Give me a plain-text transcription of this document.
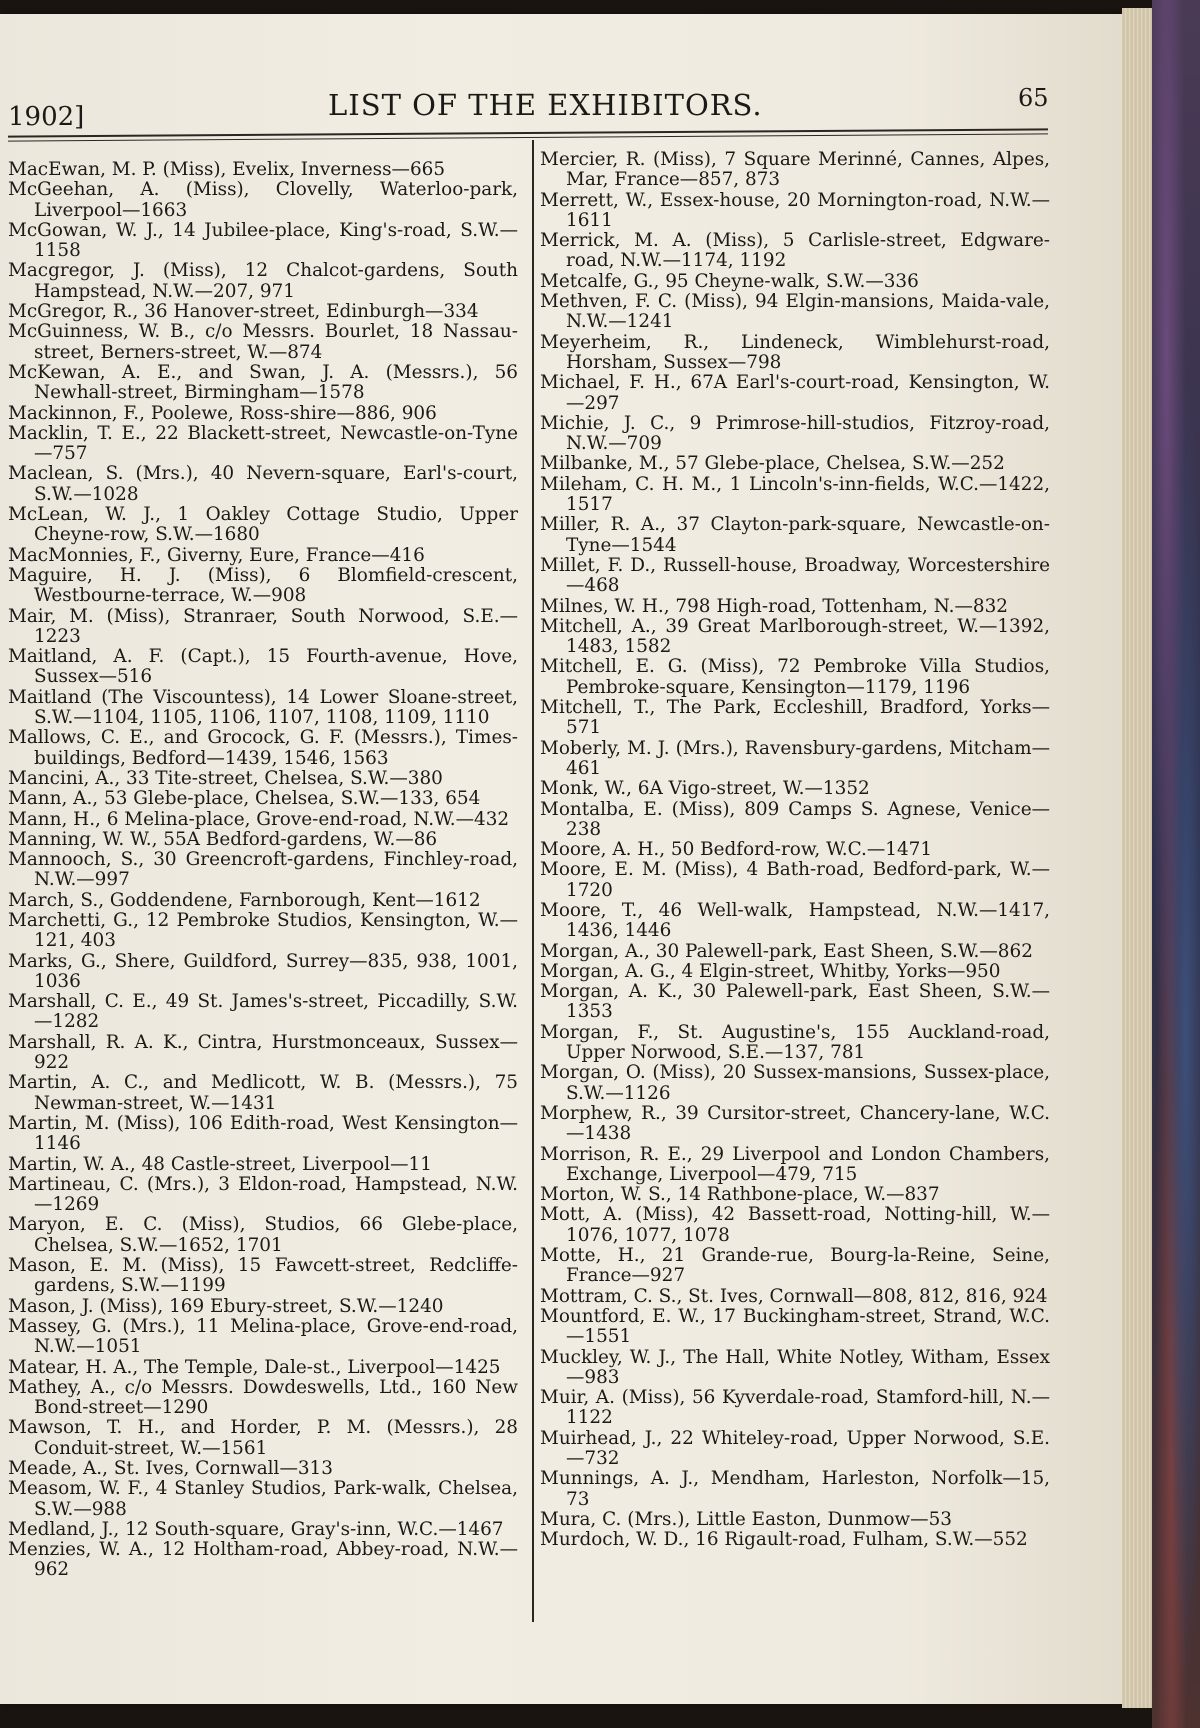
1902]	LIST OF THE EXHIBITORS.	65
MacEwan, M. P. (Miss), Evelix, Inverness—665
McGeehan, A. (Miss), Clovelly, Waterloo-park, Liverpool—1663
McGowan, W. J., 14 Jubilee-place, King's-road, S.W.—1158
Macgregor, J. (Miss), 12 Chalcot-gardens, South Hampstead, N.W.—207, 971
McGregor, R., 36 Hanover-street, Edinburgh—334
McGuinness, W. B., c/o Messrs. Bourlet, 18 Nassau-street, Berners-street, W.—874
McKewan, A. E., and Swan, J. A. (Messrs.), 56 Newhall-street, Birmingham—1578
Mackinnon, F., Poolewe, Ross-shire—886, 906
Macklin, T. E., 22 Blackett-street, Newcastle-on-Tyne—757
Maclean, S. (Mrs.), 40 Nevern-square, Earl's-court, S.W.—1028
McLean, W. J., 1 Oakley Cottage Studio, Upper Cheyne-row, S.W.—1680
MacMonnies, F., Giverny, Eure, France—416
Maguire, H. J. (Miss), 6 Blomfield-crescent, Westbourne-terrace, W.—908
Mair, M. (Miss), Stranraer, South Norwood, S.E.—1223
Maitland, A. F. (Capt.), 15 Fourth-avenue, Hove, Sussex—516
Maitland (The Viscountess), 14 Lower Sloane-street, S.W.—1104, 1105, 1106, 1107, 1108, 1109, 1110
Mallows, C. E., and Grocock, G. F. (Messrs.), Times-buildings, Bedford—1439, 1546, 1563
Mancini, A., 33 Tite-street, Chelsea, S.W.—380
Mann, A., 53 Glebe-place, Chelsea, S.W.—133, 654
Mann, H., 6 Melina-place, Grove-end-road, N.W.—432
Manning, W. W., 55A Bedford-gardens, W.—86
Mannooch, S., 30 Greencroft-gardens, Finchley-road, N.W.—997
March, S., Goddendene, Farnborough, Kent—1612
Marchetti, G., 12 Pembroke Studios, Kensington, W.—121, 403
Marks, G., Shere, Guildford, Surrey—835, 938, 1001, 1036
Marshall, C. E., 49 St. James's-street, Piccadilly, S.W.—1282
Marshall, R. A. K., Cintra, Hurstmonceaux, Sussex—922
Martin, A. C., and Medlicott, W. B. (Messrs.), 75 Newman-street, W.—1431
Martin, M. (Miss), 106 Edith-road, West Kensington—1146
Martin, W. A., 48 Castle-street, Liverpool—11
Martineau, C. (Mrs.), 3 Eldon-road, Hampstead, N.W.—1269
Maryon, E. C. (Miss), Studios, 66 Glebe-place, Chelsea, S.W.—1652, 1701
Mason, E. M. (Miss), 15 Fawcett-street, Redcliffe-gardens, S.W.—1199
Mason, J. (Miss), 169 Ebury-street, S.W.—1240
Massey, G. (Mrs.), 11 Melina-place, Grove-end-road, N.W.—1051
Matear, H. A., The Temple, Dale-st., Liverpool—1425
Mathey, A., c/o Messrs. Dowdeswells, Ltd., 160 New Bond-street—1290
Mawson, T. H., and Horder, P. M. (Messrs.), 28 Conduit-street, W.—1561
Meade, A., St. Ives, Cornwall—313
Measom, W. F., 4 Stanley Studios, Park-walk, Chelsea, S.W.—988
Medland, J., 12 South-square, Gray's-inn, W.C.—1467
Menzies, W. A., 12 Holtham-road, Abbey-road, N.W.—962
Mercier, R. (Miss), 7 Square Merinné, Cannes, Alpes, Mar, France—857, 873
Merrett, W., Essex-house, 20 Mornington-road, N.W.—1611
Merrick, M. A. (Miss), 5 Carlisle-street, Edgware-road, N.W.—1174, 1192
Metcalfe, G., 95 Cheyne-walk, S.W.—336
Methven, F. C. (Miss), 94 Elgin-mansions, Maida-vale, N.W.—1241
Meyerheim, R., Lindeneck, Wimblehurst-road, Horsham, Sussex—798
Michael, F. H., 67A Earl's-court-road, Kensington, W.—297
Michie, J. C., 9 Primrose-hill-studios, Fitzroy-road, N.W.—709
Milbanke, M., 57 Glebe-place, Chelsea, S.W.—252
Mileham, C. H. M., 1 Lincoln's-inn-fields, W.C.—1422, 1517
Miller, R. A., 37 Clayton-park-square, Newcastle-on-Tyne—1544
Millet, F. D., Russell-house, Broadway, Worcestershire—468
Milnes, W. H., 798 High-road, Tottenham, N.—832
Mitchell, A., 39 Great Marlborough-street, W.—1392, 1483, 1582
Mitchell, E. G. (Miss), 72 Pembroke Villa Studios, Pembroke-square, Kensington—1179, 1196
Mitchell, T., The Park, Eccleshill, Bradford, Yorks—571
Moberly, M. J. (Mrs.), Ravensbury-gardens, Mitcham—461
Monk, W., 6A Vigo-street, W.—1352
Montalba, E. (Miss), 809 Camps S. Agnese, Venice—238
Moore, A. H., 50 Bedford-row, W.C.—1471
Moore, E. M. (Miss), 4 Bath-road, Bedford-park, W.—1720
Moore, T., 46 Well-walk, Hampstead, N.W.—1417, 1436, 1446
Morgan, A., 30 Palewell-park, East Sheen, S.W.—862
Morgan, A. G., 4 Elgin-street, Whitby, Yorks—950
Morgan, A. K., 30 Palewell-park, East Sheen, S.W.—1353
Morgan, F., St. Augustine's, 155 Auckland-road, Upper Norwood, S.E.—137, 781
Morgan, O. (Miss), 20 Sussex-mansions, Sussex-place, S.W.—1126
Morphew, R., 39 Cursitor-street, Chancery-lane, W.C.—1438
Morrison, R. E., 29 Liverpool and London Chambers, Exchange, Liverpool—479, 715
Morton, W. S., 14 Rathbone-place, W.—837
Mott, A. (Miss), 42 Bassett-road, Notting-hill, W.—1076, 1077, 1078
Motte, H., 21 Grande-rue, Bourg-la-Reine, Seine, France—927
Mottram, C. S., St. Ives, Cornwall—808, 812, 816, 924
Mountford, E. W., 17 Buckingham-street, Strand, W.C.—1551
Muckley, W. J., The Hall, White Notley, Witham, Essex—983
Muir, A. (Miss), 56 Kyverdale-road, Stamford-hill, N.—1122
Muirhead, J., 22 Whiteley-road, Upper Norwood, S.E.—732
Munnings, A. J., Mendham, Harleston, Norfolk—15, 73
Mura, C. (Mrs.), Little Easton, Dunmow—53
Murdoch, W. D., 16 Rigault-road, Fulham, S.W.—552
